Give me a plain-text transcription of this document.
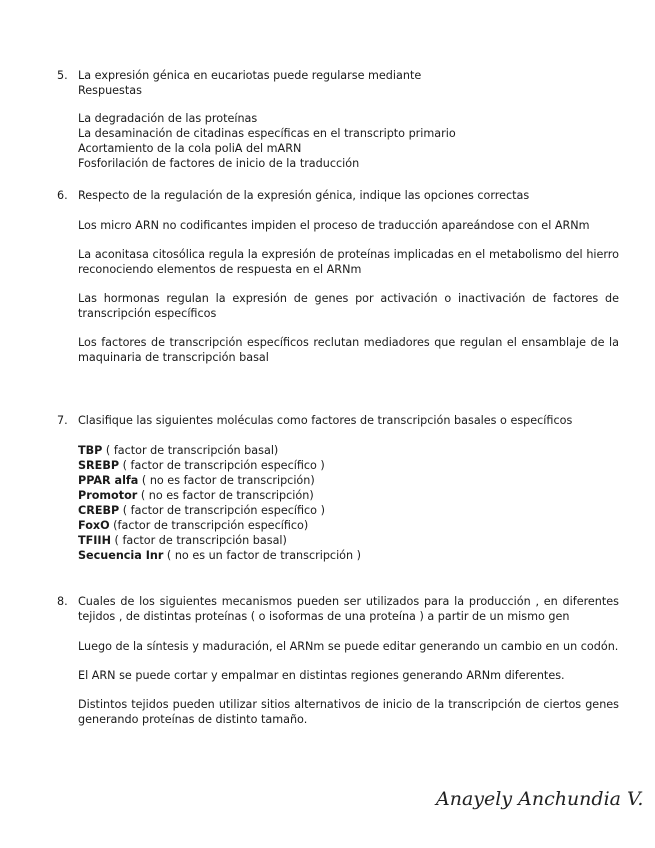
5. La expresión génica en eucariotas puede regularse mediante
Respuestas

La degradación de las proteínas
La desaminación de citadinas específicas en el transcripto primario
Acortamiento de la cola poliA del mARN
Fosforilación de factores de inicio de la traducción
6. Respecto de la regulación de la expresión génica, indique las opciones correctas

Los micro ARN no codificantes impiden el proceso de traducción apareándose con el ARNm

La aconitasa citosólica regula la expresión de proteínas implicadas en el metabolismo del hierro reconociendo elementos de respuesta en el ARNm

Las hormonas regulan la expresión de genes por activación o inactivación de factores de transcripción específicos

Los factores de transcripción específicos reclutan mediadores que regulan el ensamblaje de la maquinaria de transcripción basal

7. Clasifique las siguientes moléculas como factores de transcripción basales o específicos

TBP ( factor de transcripción basal)
SREBP ( factor de transcripción específico )
PPAR alfa ( no es factor de transcripción)
Promotor ( no es factor de transcripción)
CREBP ( factor de transcripción específico )
FoxO (factor de transcripción específico)
TFIIH ( factor de transcripción basal)
Secuencia Inr ( no es un factor de transcripción )
8. Cuales de los siguientes mecanismos pueden ser utilizados para la producción , en diferentes tejidos , de distintas proteínas ( o isoformas de una proteína ) a partir de un mismo gen

Luego de la síntesis y maduración, el ARNm se puede editar generando un cambio en un codón.

El ARN se puede cortar y empalmar en distintas regiones generando ARNm diferentes.

Distintos tejidos pueden utilizar sitios alternativos de inicio de la transcripción de ciertos genes generando proteínas de distinto tamaño.

Anayely Anchundia V.
